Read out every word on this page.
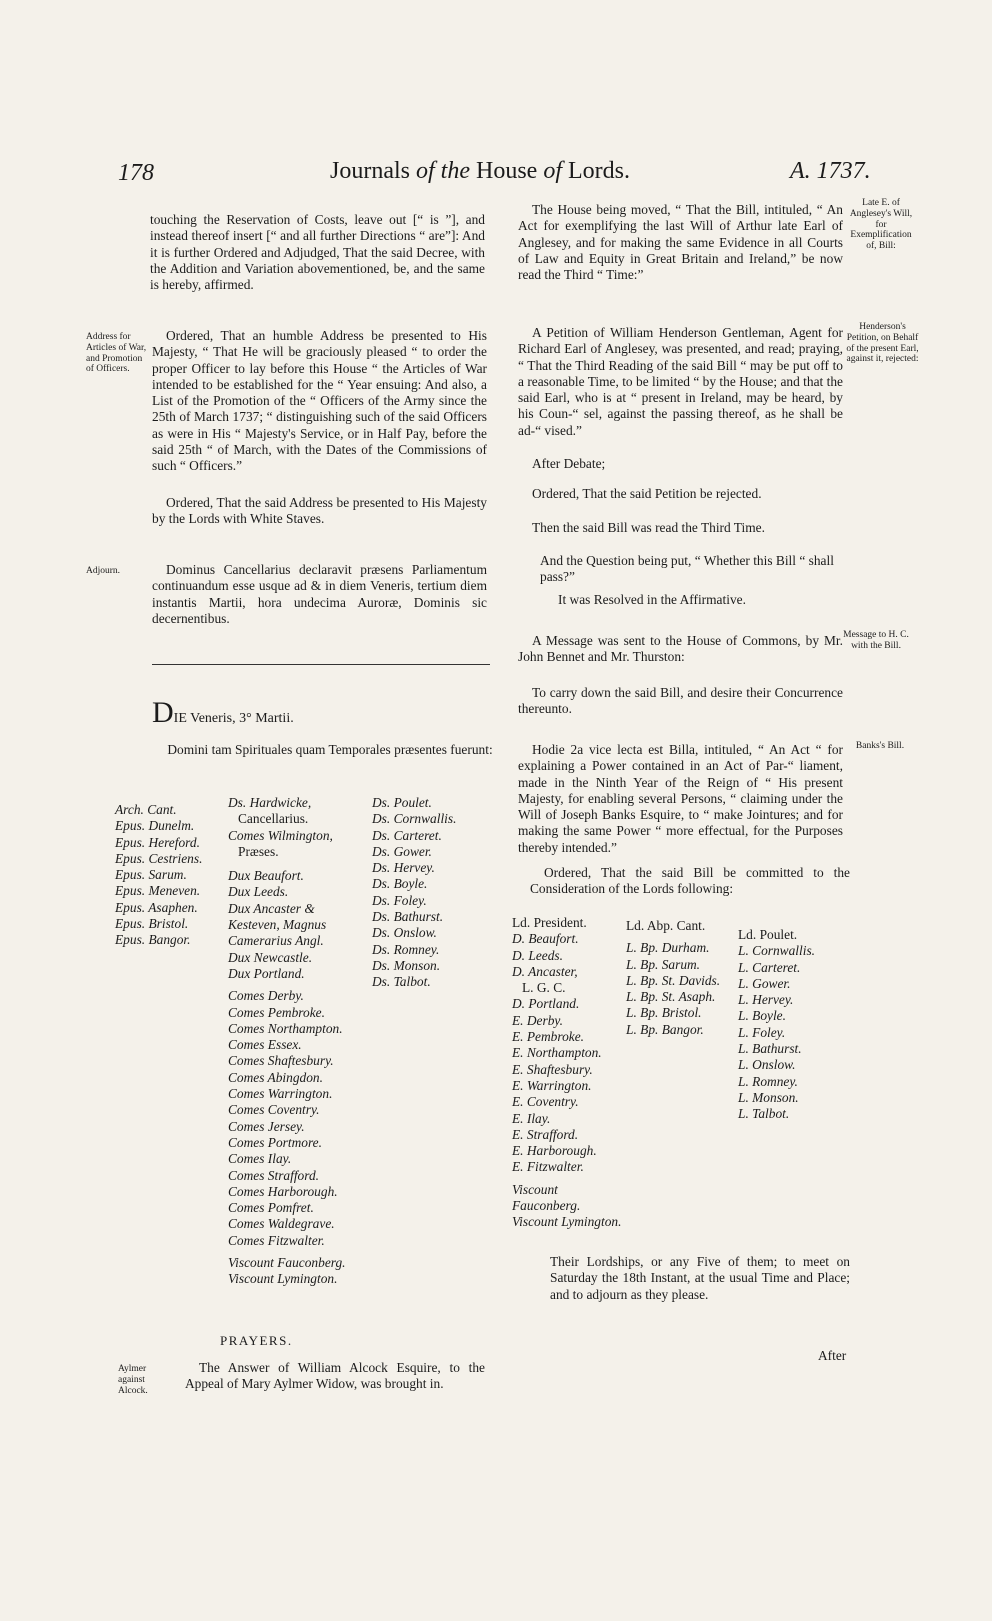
178	Journals of the House of Lords.	A. 1737.

touching the Reservation of Costs, leave out [“ is ”], and instead thereof insert [“ and all further Directions “ are”]: And it is further Ordered and Adjudged, That the said Decree, with the Addition and Variation abovementioned, be, and the same is hereby, affirmed.

Address for Articles of War, and Promotion of Officers.

Ordered, That an humble Address be presented to His Majesty, “ That He will be graciously pleased “ to order the proper Officer to lay before this House “ the Articles of War intended to be established for the “ Year ensuing: And also, a List of the Promotion of the “ Officers of the Army since the 25th of March 1737; “ distinguishing such of the said Officers as were in His “ Majesty's Service, or in Half Pay, before the said 25th “ of March, with the Dates of the Commissions of such “ Officers.”

Ordered, That the said Address be presented to His Majesty by the Lords with White Staves.

Adjourn.	Dominus Cancellarius declaravit præsens Parliamentum continuandum esse usque ad & in diem Veneris, tertium diem instantis Martii, hora undecima Auroræ, Dominis sic decernentibus.

DIE Veneris, 3° Martii.

Domini tam Spirituales quam Temporales præsentes fuerunt:

Arch. Cant.
Epus. Dunelm.
Epus. Hereford.
Epus. Cestriens.
Epus. Sarum.
Epus. Meneven.
Epus. Asaphen.
Epus. Bristol.
Epus. Bangor.
Ds. Hardwicke,
Cancellarius.
Comes Wilmington,
Præses.
Dux Beaufort.
Dux Leeds.
Dux Ancaster & Kesteven, Magnus Camerarius Angl.
Dux Newcastle.
Dux Portland.
Comes Derby.
Comes Pembroke.
Comes Northampton.
Comes Essex.
Comes Shaftesbury.
Comes Abingdon.
Comes Warrington.
Comes Coventry.
Comes Jersey.
Comes Portmore.
Comes Ilay.
Comes Strafford.
Comes Harborough.
Comes Pomfret.
Comes Waldegrave.
Comes Fitzwalter.
Viscount Fauconberg.
Viscount Lymington.
Ds. Poulet.
Ds. Cornwallis.
Ds. Carteret.
Ds. Gower.
Ds. Hervey.
Ds. Boyle.
Ds. Foley.
Ds. Bathurst.
Ds. Onslow.
Ds. Romney.
Ds. Monson.
Ds. Talbot.
PRAYERS.
Aylmer against Alcock.

The Answer of William Alcock Esquire, to the Appeal of Mary Aylmer Widow, was brought in.

The House being moved, “ That the Bill, intituled, “ An Act for exemplifying the last Will of Arthur late Earl of Anglesey, and for making the same Evidence in all Courts of Law and Equity in Great Britain and Ireland,” be now read the Third “ Time:”

Late E. of Anglesey's Will, for Exemplification of, Bill:

A Petition of William Henderson Gentleman, Agent for Richard Earl of Anglesey, was presented, and read; praying, “ That the Third Reading of the said Bill “ may be put off to a reasonable Time, to be limited “ by the House; and that the said Earl, who is at “ present in Ireland, may be heard, by his Coun-“ sel, against the passing thereof, as he shall be ad-“ vised.”

Henderson's Petition, on Behalf of the present Earl, against it, rejected:

After Debate;

Ordered, That the said Petition be rejected.

Then the said Bill was read the Third Time.

And the Question being put, “ Whether this Bill “ shall pass?”

It was Resolved in the Affirmative.

A Message was sent to the House of Commons, by Mr. John Bennet and Mr. Thurston:

Message to H. C. with the Bill.

To carry down the said Bill, and desire their Concurrence thereunto.

Hodie 2a vice lecta est Billa, intituled, “ An Act “ for explaining a Power contained in an Act of Par-“ liament, made in the Ninth Year of the Reign of “ His present Majesty, for enabling several Persons, “ claiming under the Will of Joseph Banks Esquire, to “ make Jointures; and for making the same Power “ more effectual, for the Purposes thereby intended.”

Banks's Bill.

Ordered, That the said Bill be committed to the Consideration of the Lords following:

Ld. President.
D. Beaufort.
D. Leeds.
D. Ancaster,
L. G. C.
D. Portland.
E. Derby.
E. Pembroke.
E. Northampton.
E. Shaftesbury.
E. Warrington.
E. Coventry.
E. Ilay.
E. Strafford.
E. Harborough.
E. Fitzwalter.
Viscount Fauconberg.
Viscount Lymington.
Ld. Abp. Cant.
L. Bp. Durham.
L. Bp. Sarum.
L. Bp. St. Davids.
L. Bp. St. Asaph.
L. Bp. Bristol.
L. Bp. Bangor.
Ld. Poulet.
L. Cornwallis.
L. Carteret.
L. Gower.
L. Hervey.
L. Boyle.
L. Foley.
L. Bathurst.
L. Onslow.
L. Romney.
L. Monson.
L. Talbot.

Their Lordships, or any Five of them; to meet on Saturday the 18th Instant, at the usual Time and Place; and to adjourn as they please.

After
